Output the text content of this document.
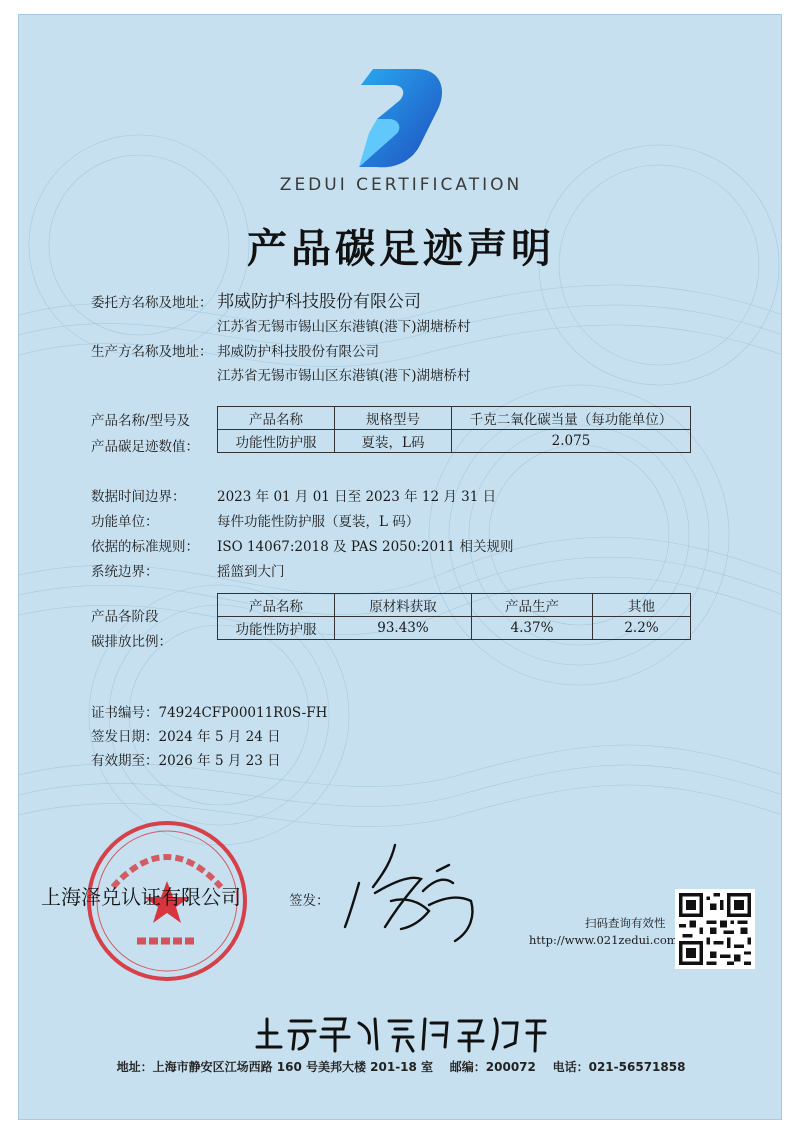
ZEDUI CERTIFICATION
产品碳足迹声明
委托方名称及地址： 邦威防护科技股份有限公司
江苏省无锡市锡山区东港镇(港下)湖塘桥村
生产方名称及地址： 邦威防护科技股份有限公司
江苏省无锡市锡山区东港镇(港下)湖塘桥村
产品名称/型号及
产品碳足迹数值：
产品名称	规格型号	千克二氧化碳当量（每功能单位）
功能性防护服	夏装，L码	2.075
数据时间边界： 2023 年 01 月 01 日至 2023 年 12 月 31 日
功能单位：	每件功能性防护服（夏装，L 码）
依据的标准规则： ISO 14067:2018 及 PAS 2050:2011 相关规则
系统边界：	摇篮到大门
产品各阶段
碳排放比例：
产品名称	原材料获取	产品生产	其他
功能性防护服	93.43%	4.37%	2.2%
证书编号：74924CFP00011R0S-FH
签发日期：2024 年 5 月 24 日
有效期至：2026 年 5 月 23 日
上海泽兑认证有限公司	签发：
扫码查询有效性
http://www.021zedui.com
地址：上海市静安区江场西路 160 号美邦大楼 201-18 室 邮编：200072 电话：021-56571858
